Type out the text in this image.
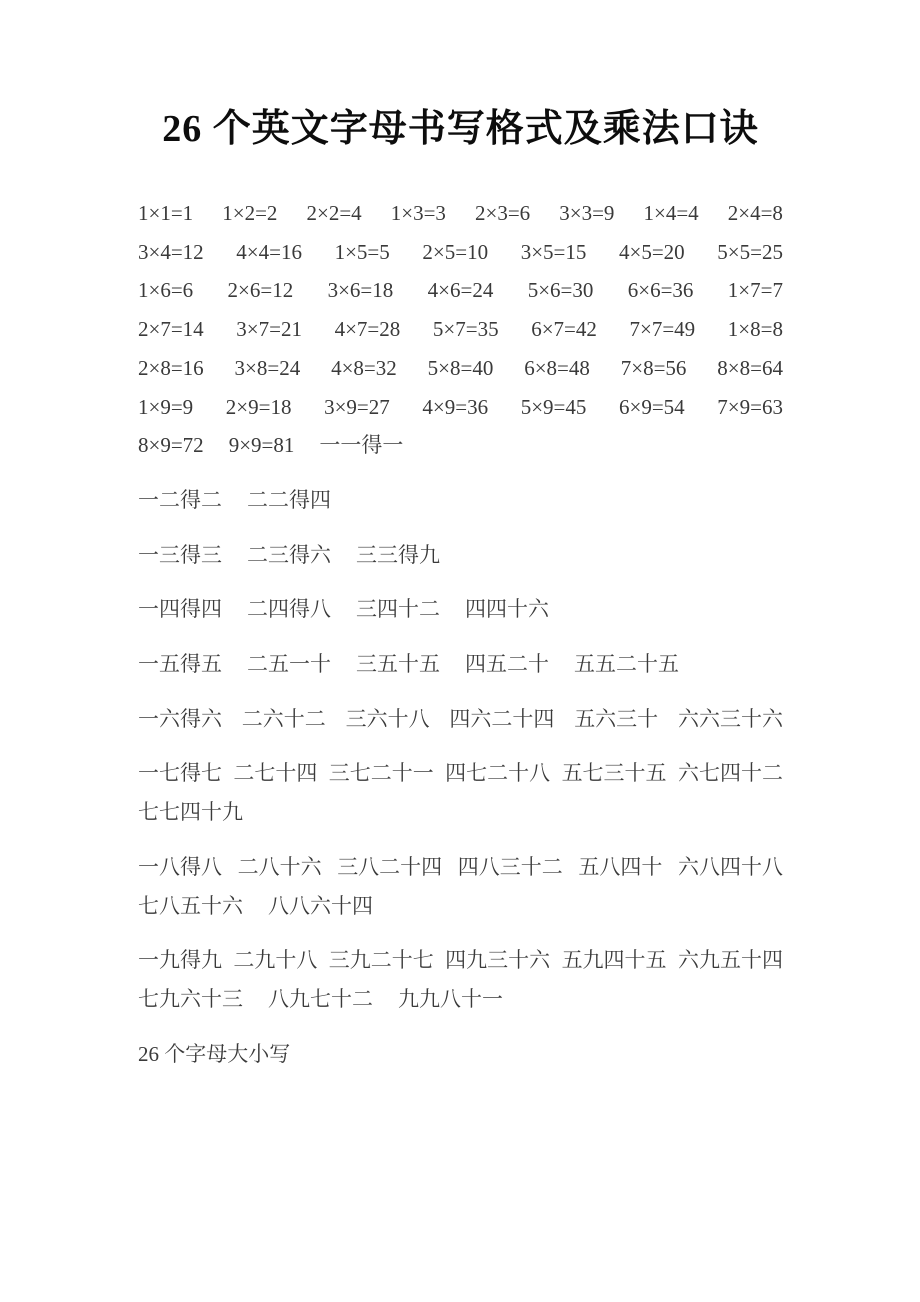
26 个英文字母书写格式及乘法口诀
1×1=1 1×2=2 2×2=4 1×3=3 2×3=6 3×3=9 1×4=4 2×4=8
3×4=12 4×4=16 1×5=5 2×5=10 3×5=15 4×5=20 5×5=25
1×6=6 2×6=12 3×6=18 4×6=24 5×6=30 6×6=36 1×7=7
2×7=14 3×7=21 4×7=28 5×7=35 6×7=42 7×7=49 1×8=8
2×8=16 3×8=24 4×8=32 5×8=40 6×8=48 7×8=56 8×8=64
1×9=9 2×9=18 3×9=27 4×9=36 5×9=45 6×9=54 7×9=63
8×9=72 9×9=81 一一得一
一二得二 二二得四
一三得三 二三得六 三三得九
一四得四 二四得八 三四十二 四四十六
一五得五 二五一十 三五十五 四五二十 五五二十五
一六得六 二六十二 三六十八 四六二十四 五六三十 六六三十六
一七得七 二七十四 三七二十一 四七二十八 五七三十五 六七四十二
七七四十九
一八得八 二八十六 三八二十四 四八三十二 五八四十 六八四十八
七八五十六 八八六十四
一九得九 二九十八 三九二十七 四九三十六 五九四十五 六九五十四
七九六十三 八九七十二 九九八十一
26 个字母大小写
